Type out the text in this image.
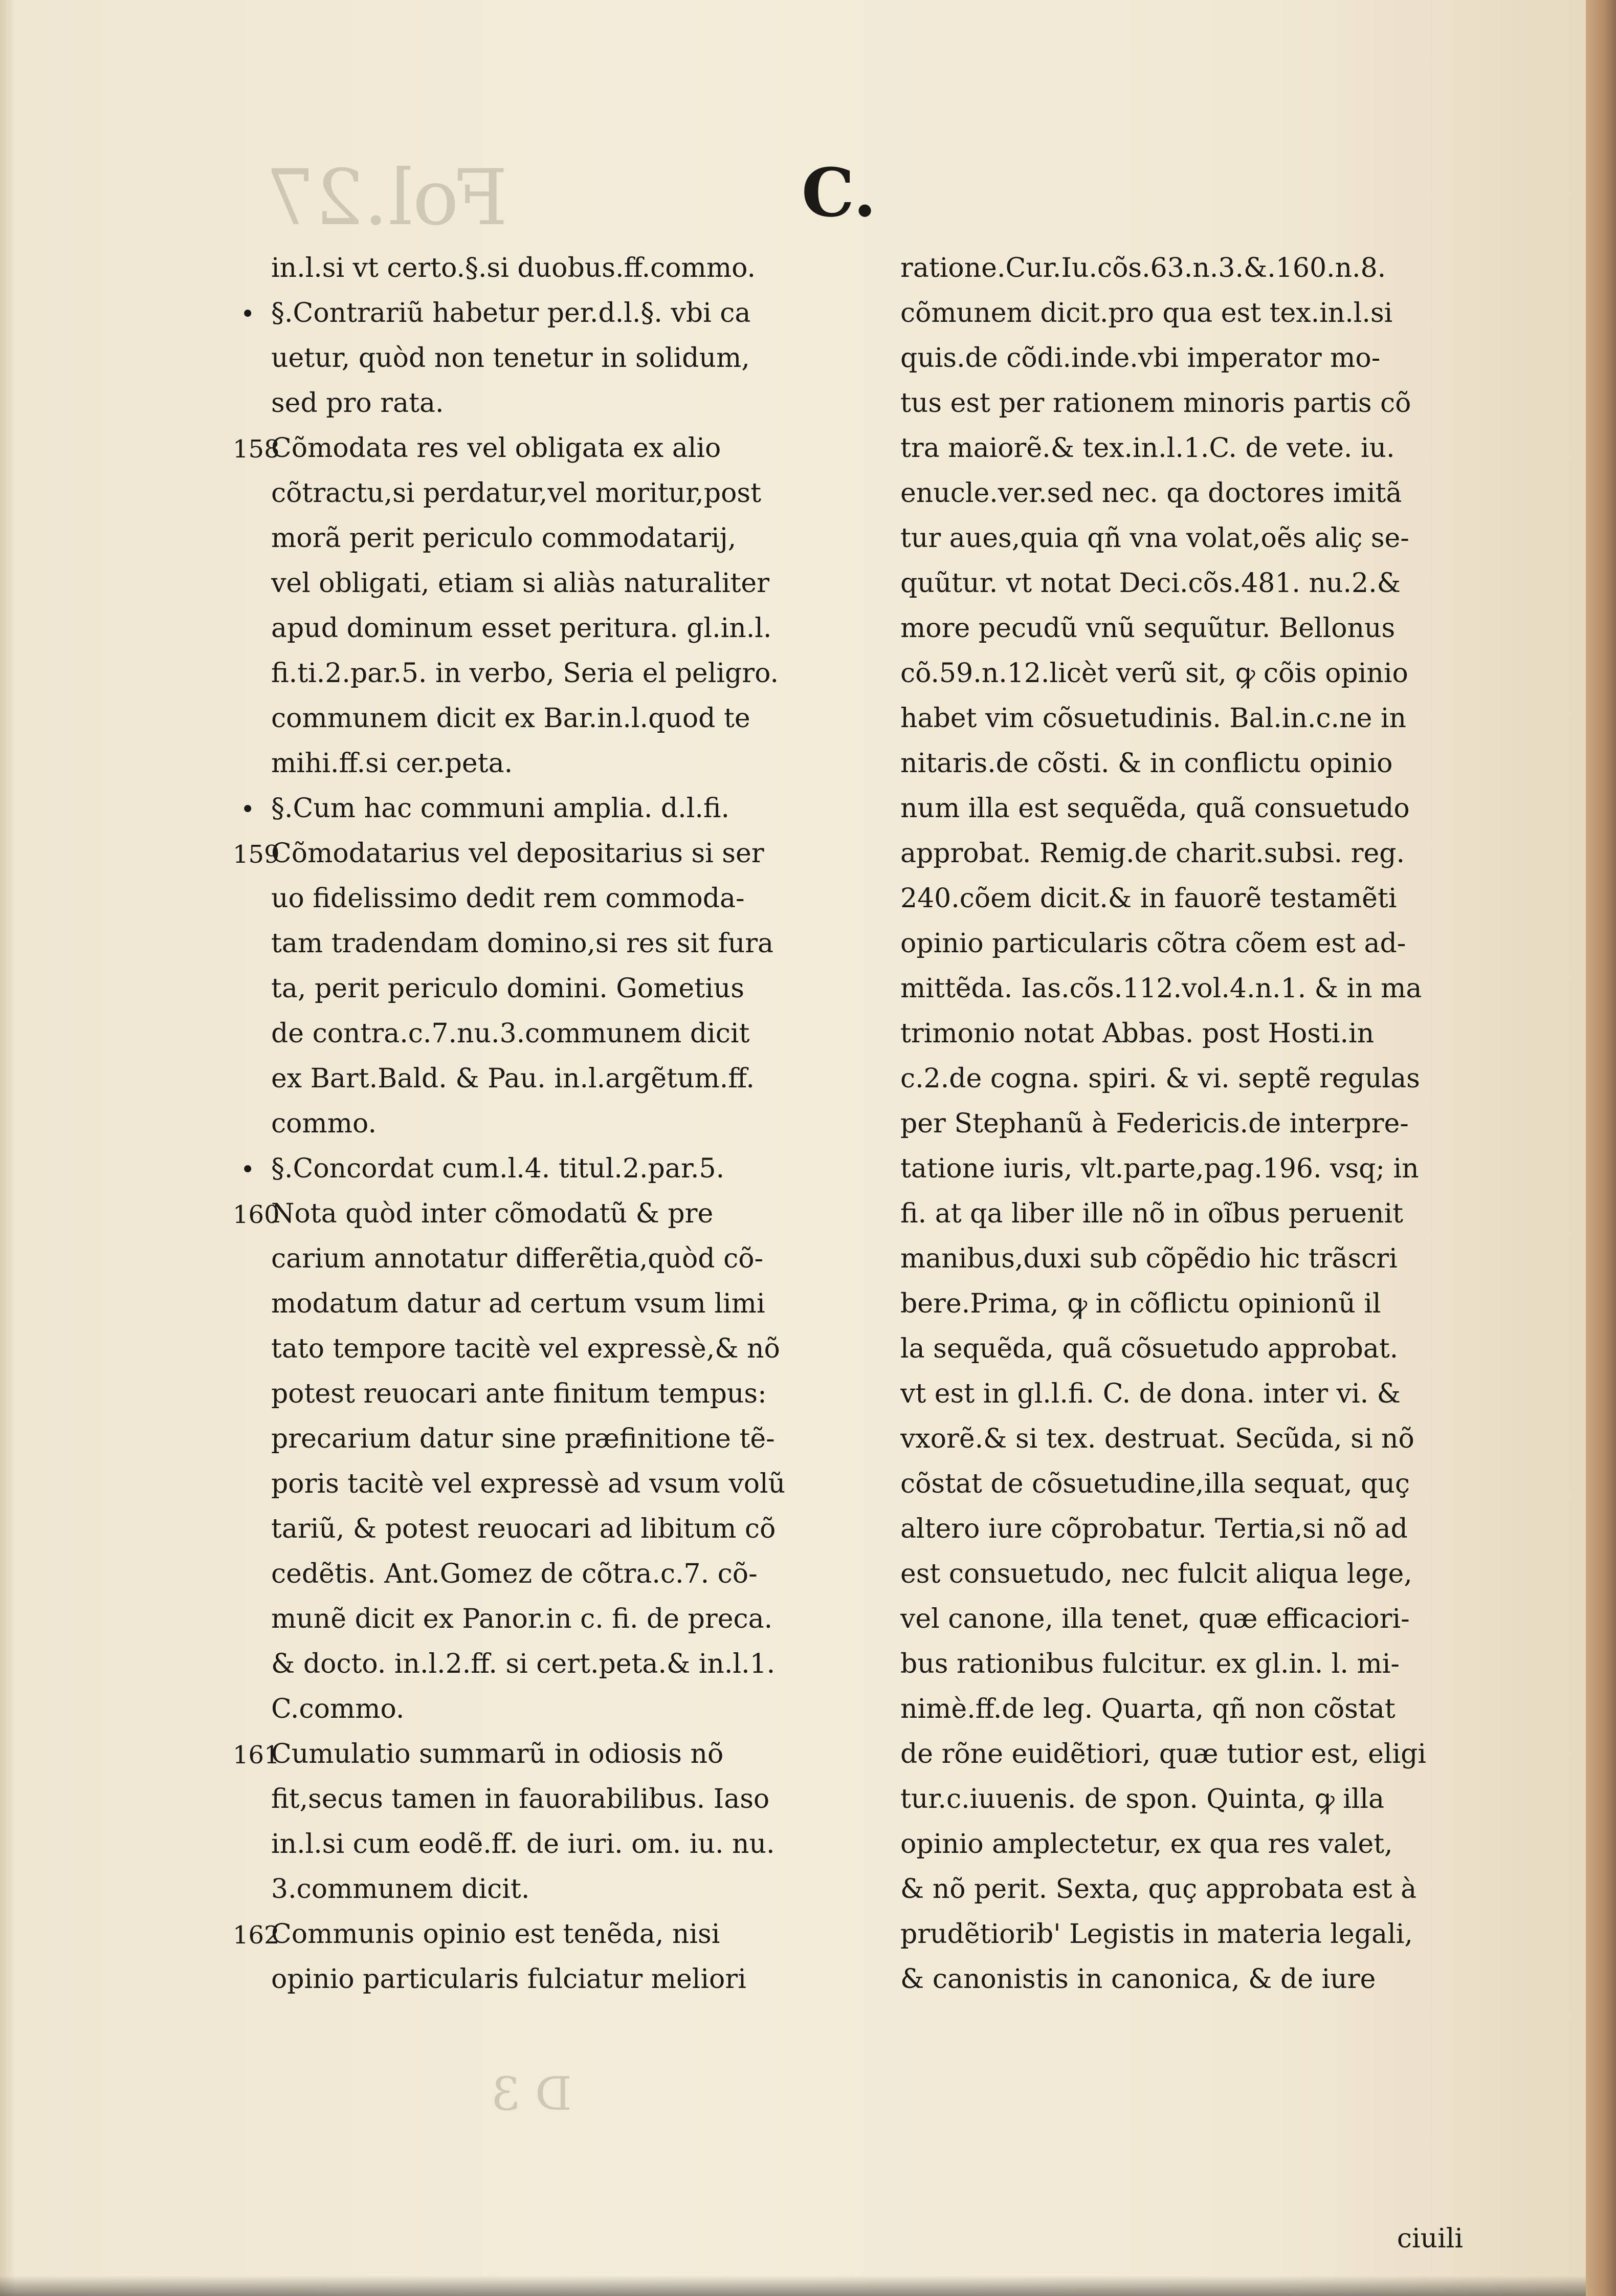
Fol.27
D 3
C.
in.l.si vt certo.§.si duobus.ff.commo.
§.Contrariũ habetur per.d.l.§. vbi ca
uetur, quòd non tenetur in solidum,
sed pro rata.
Cõmodata res vel obligata ex alio
cõtractu,si perdatur,vel moritur,post
morã perit periculo commodatarij,
vel obligati, etiam si aliàs naturaliter
apud dominum esset peritura. gl.in.l.
fi.ti.2.par.5. in verbo, Seria el peligro.
communem dicit ex Bar.in.l.quod te
mihi.ff.si cer.peta.
§.Cum hac communi amplia. d.l.fi.
Cõmodatarius vel depositarius si ser
uo fidelissimo dedit rem commoda-
tam tradendam domino,si res sit fura
ta, perit periculo domini. Gometius
de contra.c.7.nu.3.communem dicit
ex Bart.Bald. & Pau. in.l.argẽtum.ff.
commo.
§.Concordat cum.l.4. titul.2.par.5.
Nota quòd inter cõmodatũ & pre
carium annotatur differẽtia,quòd cõ-
modatum datur ad certum vsum limi
tato tempore tacitè vel expressè,& nõ
potest reuocari ante finitum tempus:
precarium datur sine præfinitione tẽ-
poris tacitè vel expressè ad vsum volũ
tariũ, & potest reuocari ad libitum cõ
cedẽtis. Ant.Gomez de cõtra.c.7. cõ-
munẽ dicit ex Panor.in c. fi. de preca.
& docto. in.l.2.ff. si cert.peta.& in.l.1.
C.commo.
Cumulatio summarũ in odiosis nõ
fit,secus tamen in fauorabilibus. Iaso
in.l.si cum eodẽ.ff. de iuri. om. iu. nu.
3.communem dicit.
Communis opinio est tenẽda, nisi
opinio particularis fulciatur meliori
ratione.Cur.Iu.cõs.63.n.3.&.160.n.8.
cõmunem dicit.pro qua est tex.in.l.si
quis.de cõdi.inde.vbi imperator mo-
tus est per rationem minoris partis cõ
tra maiorẽ.& tex.in.l.1.C. de vete. iu.
enucle.ver.sed nec. qa doctores imitã
tur aues,quia qñ vna volat,oẽs aliç se-
quũtur. vt notat Deci.cõs.481. nu.2.&
more pecudũ vnũ sequũtur. Bellonus
cõ.59.n.12.licèt verũ sit, ꝙ cõis opinio
habet vim cõsuetudinis. Bal.in.c.ne in
nitaris.de cõsti. & in conflictu opinio
num illa est sequẽda, quã consuetudo
approbat. Remig.de charit.subsi. reg.
240.cõem dicit.& in fauorẽ testamẽti
opinio particularis cõtra cõem est ad-
mittẽda. Ias.cõs.112.vol.4.n.1. & in ma
trimonio notat Abbas. post Hosti.in
c.2.de cogna. spiri. & vi. septẽ regulas
per Stephanũ à Federicis.de interpre-
tatione iuris, vlt.parte,pag.196. vsq; in
fi. at qa liber ille nõ in oĩbus peruenit
manibus,duxi sub cõpẽdio hic trãscri
bere.Prima, ꝙ in cõflictu opinionũ il
la sequẽda, quã cõsuetudo approbat.
vt est in gl.l.fi. C. de dona. inter vi. &
vxorẽ.& si tex. destruat. Secũda, si nõ
cõstat de cõsuetudine,illa sequat, quç
altero iure cõprobatur. Tertia,si nõ ad
est consuetudo, nec fulcit aliqua lege,
vel canone, illa tenet, quæ efficaciori-
bus rationibus fulcitur. ex gl.in. l. mi-
nimè.ff.de leg. Quarta, qñ non cõstat
de rõne euidẽtiori, quæ tutior est, eligi
tur.c.iuuenis. de spon. Quinta, ꝙ illa
opinio amplectetur, ex qua res valet,
& nõ perit. Sexta, quç approbata est à
prudẽtiorib' Legistis in materia legali,
& canonistis in canonica, & de iure
•
158
•
159
•
160
161
162
ciuili
